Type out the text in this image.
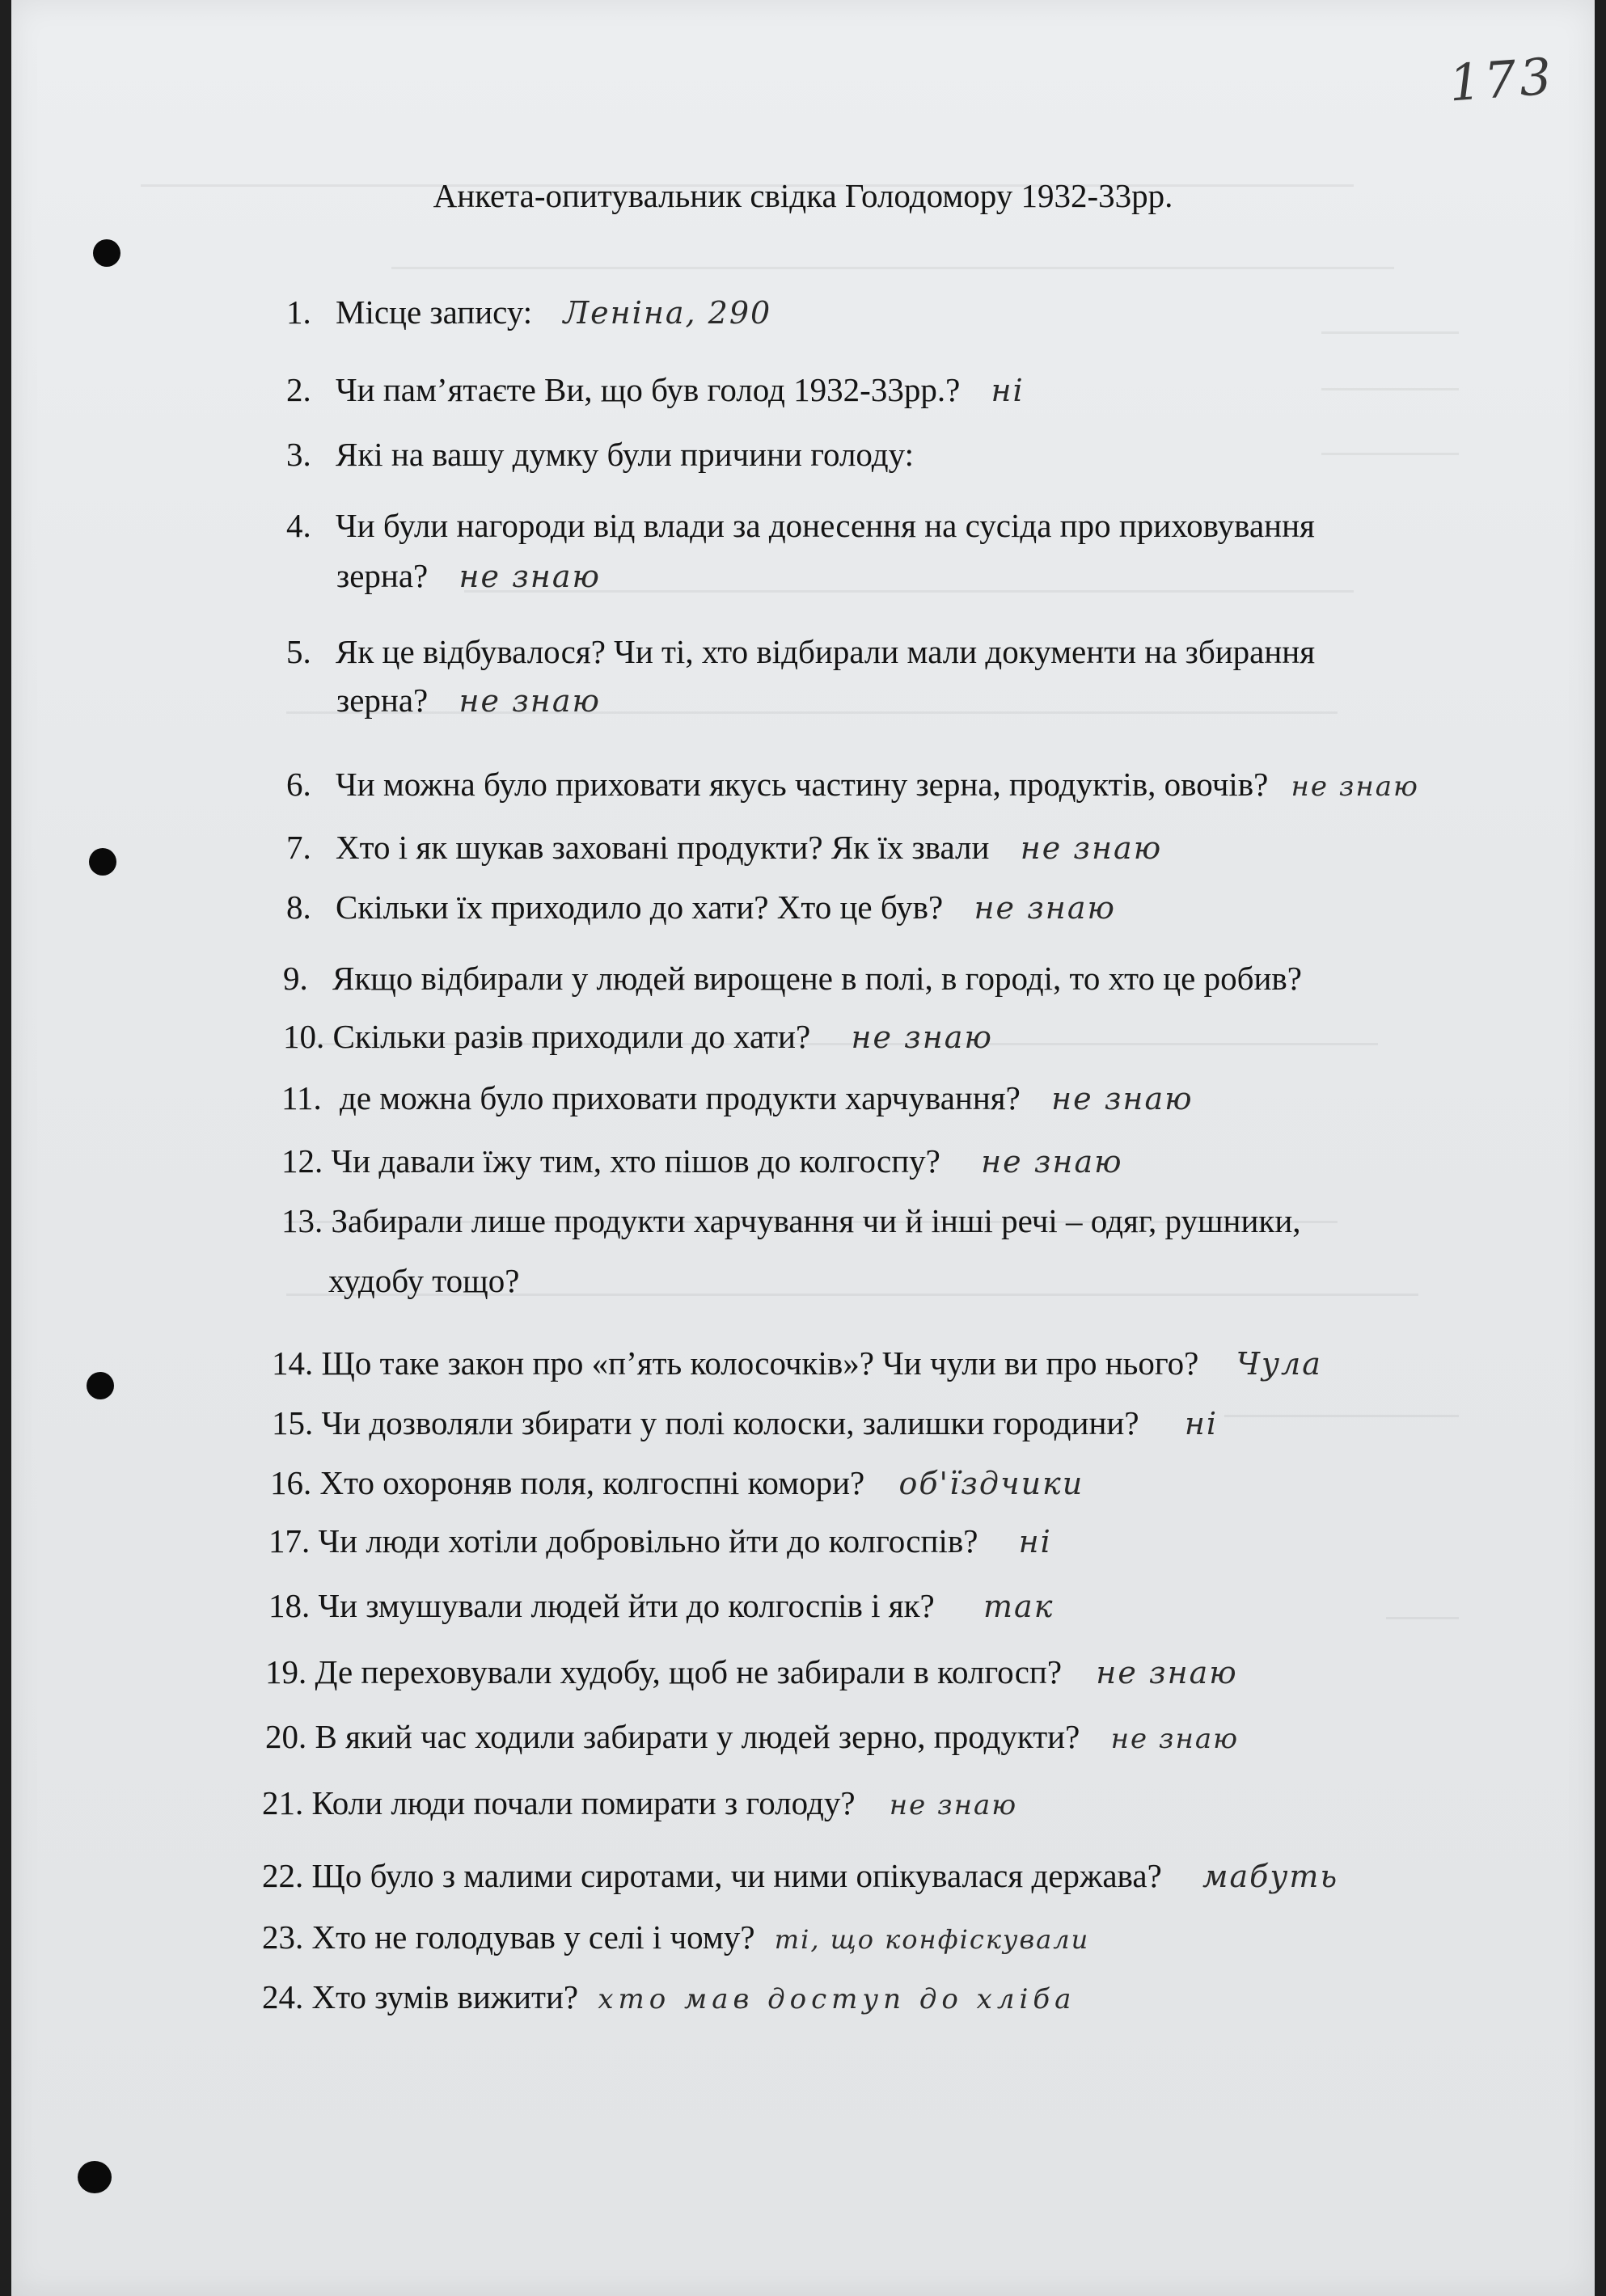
173
Анкета-опитувальник свідка Голодомору 1932-33рр.
1. Місце запису: Леніна, 290
2. Чи пам’ятаєте Ви, що був голод 1932-33рр.? ні
3. Які на вашу думку були причини голоду:
4. Чи були нагороди від влади за донесення на сусіда про приховування
зерна? не знаю
5. Як це відбувалося? Чи ті, хто відбирали мали документи на збирання
зерна? не знаю
6. Чи можна було приховати якусь частину зерна, продуктів, овочів? не знаю
7. Хто і як шукав заховані продукти? Як їх звали не знаю
8. Скільки їх приходило до хати? Хто це був? не знаю
9. Якщо відбирали у людей вирощене в полі, в городі, то хто це робив?
10. Скільки разів приходили до хати? не знаю
11. де можна було приховати продукти харчування? не знаю
12. Чи давали їжу тим, хто пішов до колгоспу? не знаю
13. Забирали лише продукти харчування чи й інші речі – одяг, рушники,
худобу тощо?
14. Що таке закон про «п’ять колосочків»? Чи чули ви про нього? Чула
15. Чи дозволяли збирати у полі колоски, залишки городини? ні
16. Хто охороняв поля, колгоспні комори? об'їздчики
17. Чи люди хотіли добровільно йти до колгоспів? ні
18. Чи змушували людей йти до колгоспів і як? так
19. Де переховували худобу, щоб не забирали в колгосп? не знаю
20. В який час ходили забирати у людей зерно, продукти? не знаю
21. Коли люди почали помирати з голоду? не знаю
22. Що було з малими сиротами, чи ними опікувалася держава? мабуть
23. Хто не голодував у селі і чому? ті, що конфіскували
24. Хто зумів вижити? хто мав доступ до хліба
